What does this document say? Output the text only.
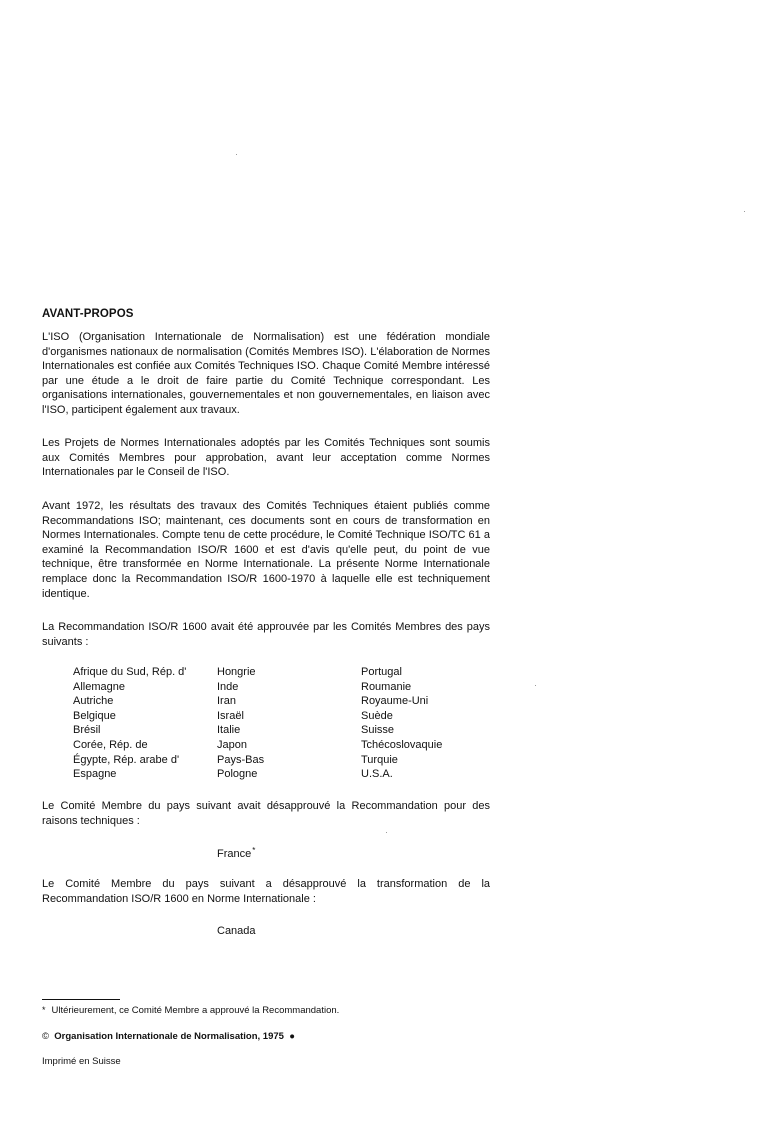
AVANT-PROPOS

L'ISO (Organisation Internationale de Normalisation) est une fédération mondiale d'organismes nationaux de normalisation (Comités Membres ISO). L'élaboration de Normes Internationales est confiée aux Comités Techniques ISO. Chaque Comité Membre intéressé par une étude a le droit de faire partie du Comité Technique correspondant. Les organisations internationales, gouvernementales et non gouvernementales, en liaison avec l'ISO, participent également aux travaux.

Les Projets de Normes Internationales adoptés par les Comités Techniques sont soumis aux Comités Membres pour approbation, avant leur acceptation comme Normes Internationales par le Conseil de l'ISO.

Avant 1972, les résultats des travaux des Comités Techniques étaient publiés comme Recommandations ISO; maintenant, ces documents sont en cours de transformation en Normes Internationales. Compte tenu de cette procédure, le Comité Technique ISO/TC 61 a examiné la Recommandation ISO/R 1600 et est d'avis qu'elle peut, du point de vue technique, être transformée en Norme Internationale. La présente Norme Internationale remplace donc la Recommandation ISO/R 1600-1970 à laquelle elle est techniquement identique.

La Recommandation ISO/R 1600 avait été approuvée par les Comités Membres des pays suivants :

Afrique du Sud, Rép. d'
Allemagne
Autriche
Belgique
Brésil
Corée, Rép. de
Égypte, Rép. arabe d'
Espagne
Hongrie
Inde
Iran
Israël
Italie
Japon
Pays-Bas
Pologne
Portugal
Roumanie
Royaume-Uni
Suède
Suisse
Tchécoslovaquie
Turquie
U.S.A.

Le Comité Membre du pays suivant avait désapprouvé la Recommandation pour des raisons techniques :

France*

Le Comité Membre du pays suivant a désapprouvé la transformation de la Recommandation ISO/R 1600 en Norme Internationale :

Canada

* Ultérieurement, ce Comité Membre a approuvé la Recommandation.

© Organisation Internationale de Normalisation, 1975 ●

Imprimé en Suisse
